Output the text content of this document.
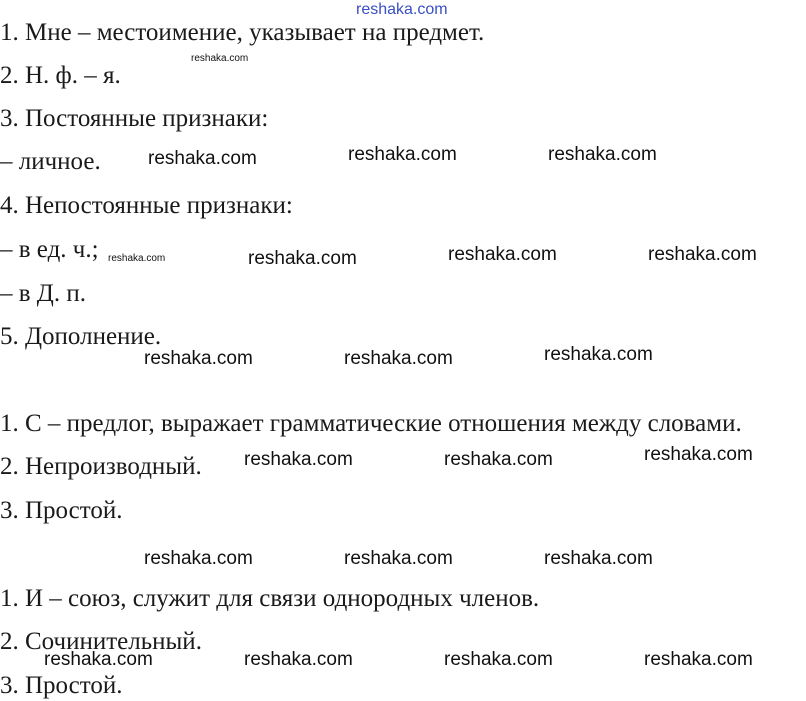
1. Мне – местоимение, указывает на предмет.

2. Н. ф. – я.

3. Постоянные признаки:

– личное.

4. Непостоянные признаки:

– в ед. ч.;

– в Д. п.

5. Дополнение.

1. С – предлог, выражает грамматические отношения между словами.

2. Непроизводный.

3. Простой.

1. И – союз, служит для связи однородных членов.

2. Сочинительный.

3. Простой.

reshaka.com
reshaka.com
reshaka.com
reshaka.com	reshaka.com	reshaka.com
reshaka.com	reshaka.com	reshaka.com
reshaka.com	reshaka.com	reshaka.com
reshaka.com	reshaka.com	reshaka.com
reshaka.com	reshaka.com	reshaka.com
reshaka.com	reshaka.com	reshaka.com	reshaka.com
